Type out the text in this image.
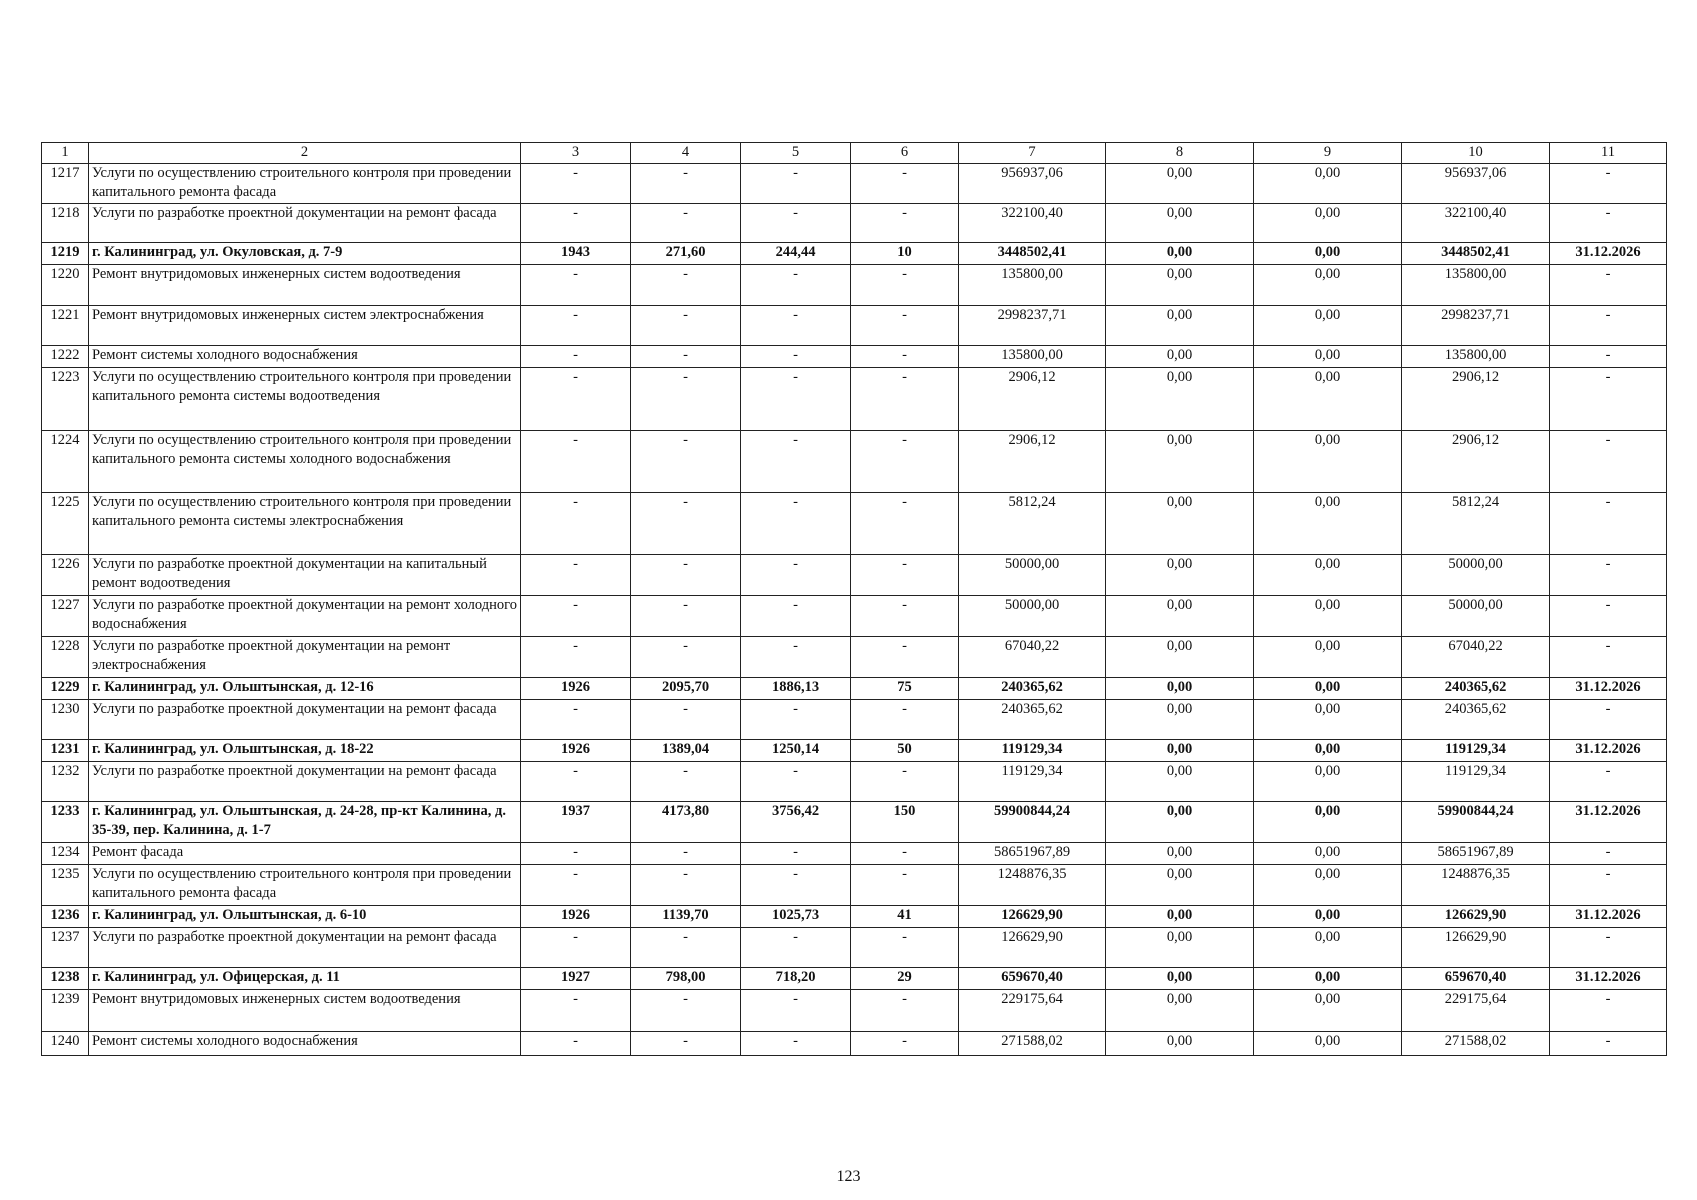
1	2	3	4	5	6	7	8	9	10	11
1217	Услуги по осуществлению строительного контроля при проведении капитального ремонта фасада	-	-	-	-	956937,06	0,00	0,00	956937,06	-
1218	Услуги по разработке проектной документации на ремонт фасада	-	-	-	-	322100,40	0,00	0,00	322100,40	-
1219	г. Калининград, ул. Окуловская, д. 7-9	1943	271,60	244,44	10	3448502,41	0,00	0,00	3448502,41	31.12.2026
1220	Ремонт внутридомовых инженерных систем водоотведения	-	-	-	-	135800,00	0,00	0,00	135800,00	-
1221	Ремонт внутридомовых инженерных систем электроснабжения	-	-	-	-	2998237,71	0,00	0,00	2998237,71	-
1222	Ремонт системы холодного водоснабжения	-	-	-	-	135800,00	0,00	0,00	135800,00	-
1223	Услуги по осуществлению строительного контроля при проведении капитального ремонта системы водоотведения	-	-	-	-	2906,12	0,00	0,00	2906,12	-
1224	Услуги по осуществлению строительного контроля при проведении капитального ремонта системы холодного водоснабжения	-	-	-	-	2906,12	0,00	0,00	2906,12	-
1225	Услуги по осуществлению строительного контроля при проведении капитального ремонта системы электроснабжения	-	-	-	-	5812,24	0,00	0,00	5812,24	-
1226	Услуги по разработке проектной документации на капитальный ремонт водоотведения	-	-	-	-	50000,00	0,00	0,00	50000,00	-
1227	Услуги по разработке проектной документации на ремонт холодного водоснабжения	-	-	-	-	50000,00	0,00	0,00	50000,00	-
1228	Услуги по разработке проектной документации на ремонт электроснабжения	-	-	-	-	67040,22	0,00	0,00	67040,22	-
1229	г. Калининград, ул. Ольштынская, д. 12-16	1926	2095,70	1886,13	75	240365,62	0,00	0,00	240365,62	31.12.2026
1230	Услуги по разработке проектной документации на ремонт фасада	-	-	-	-	240365,62	0,00	0,00	240365,62	-
1231	г. Калининград, ул. Ольштынская, д. 18-22	1926	1389,04	1250,14	50	119129,34	0,00	0,00	119129,34	31.12.2026
1232	Услуги по разработке проектной документации на ремонт фасада	-	-	-	-	119129,34	0,00	0,00	119129,34	-
1233	г. Калининград, ул. Ольштынская, д. 24-28, пр-кт Калинина, д. 35-39, пер. Калинина, д. 1-7	1937	4173,80	3756,42	150	59900844,24	0,00	0,00	59900844,24	31.12.2026
1234	Ремонт фасада	-	-	-	-	58651967,89	0,00	0,00	58651967,89	-
1235	Услуги по осуществлению строительного контроля при проведении капитального ремонта фасада	-	-	-	-	1248876,35	0,00	0,00	1248876,35	-
1236	г. Калининград, ул. Ольштынская, д. 6-10	1926	1139,70	1025,73	41	126629,90	0,00	0,00	126629,90	31.12.2026
1237	Услуги по разработке проектной документации на ремонт фасада	-	-	-	-	126629,90	0,00	0,00	126629,90	-
1238	г. Калининград, ул. Офицерская, д. 11	1927	798,00	718,20	29	659670,40	0,00	0,00	659670,40	31.12.2026
1239	Ремонт внутридомовых инженерных систем водоотведения	-	-	-	-	229175,64	0,00	0,00	229175,64	-
1240	Ремонт системы холодного водоснабжения	-	-	-	-	271588,02	0,00	0,00	271588,02	-
123
